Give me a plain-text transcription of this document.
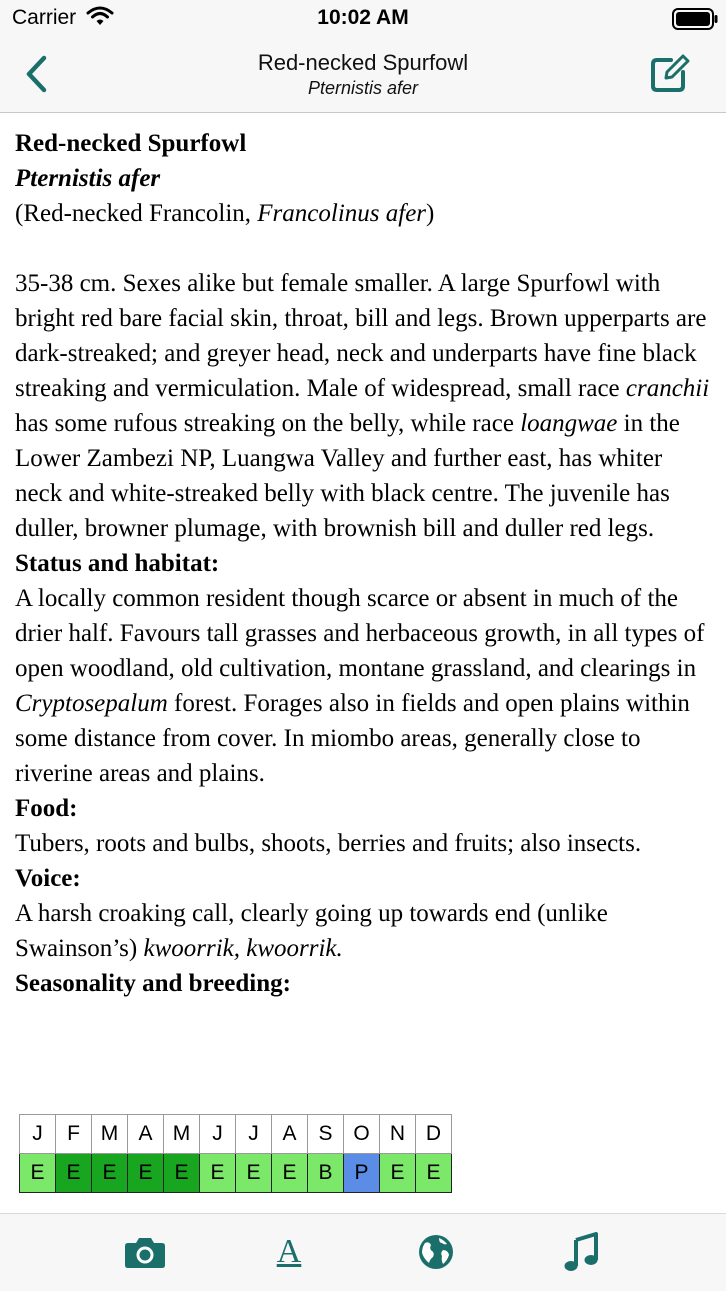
Carrier	10:02 AM
Red-necked Spurfowl
Pternistis afer

Red-necked Spurfowl

Pternistis afer

(Red-necked Francolin, Francolinus afer)

35-38 cm. Sexes alike but female smaller. A large Spurfowl with bright red bare facial skin, throat, bill and legs. Brown upperparts are dark-streaked; and greyer head, neck and underparts have fine black streaking and vermiculation. Male of widespread, small race cranchii has some rufous streaking on the belly, while race loangwae in the Lower Zambezi NP, Luangwa Valley and further east, has whiter neck and white-streaked belly with black centre. The juvenile has duller, browner plumage, with brownish bill and duller red legs.

Status and habitat:

A locally common resident though scarce or absent in much of the drier half. Favours tall grasses and herbaceous growth, in all types of open woodland, old cultivation, montane grassland, and clearings in Cryptosepalum forest. Forages also in fields and open plains within some distance from cover. In miombo areas, generally close to riverine areas and plains.

Food:

Tubers, roots and bulbs, shoots, berries and fruits; also insects.

Voice:

A harsh croaking call, clearly going up towards end (unlike Swainson’s) kwoorrik, kwoorrik.

Seasonality and breeding:

J	F	M	A	M	J	J	A	S	O	N	D
E	E	E	E	E	E	E	E	B	P	E	E
A
